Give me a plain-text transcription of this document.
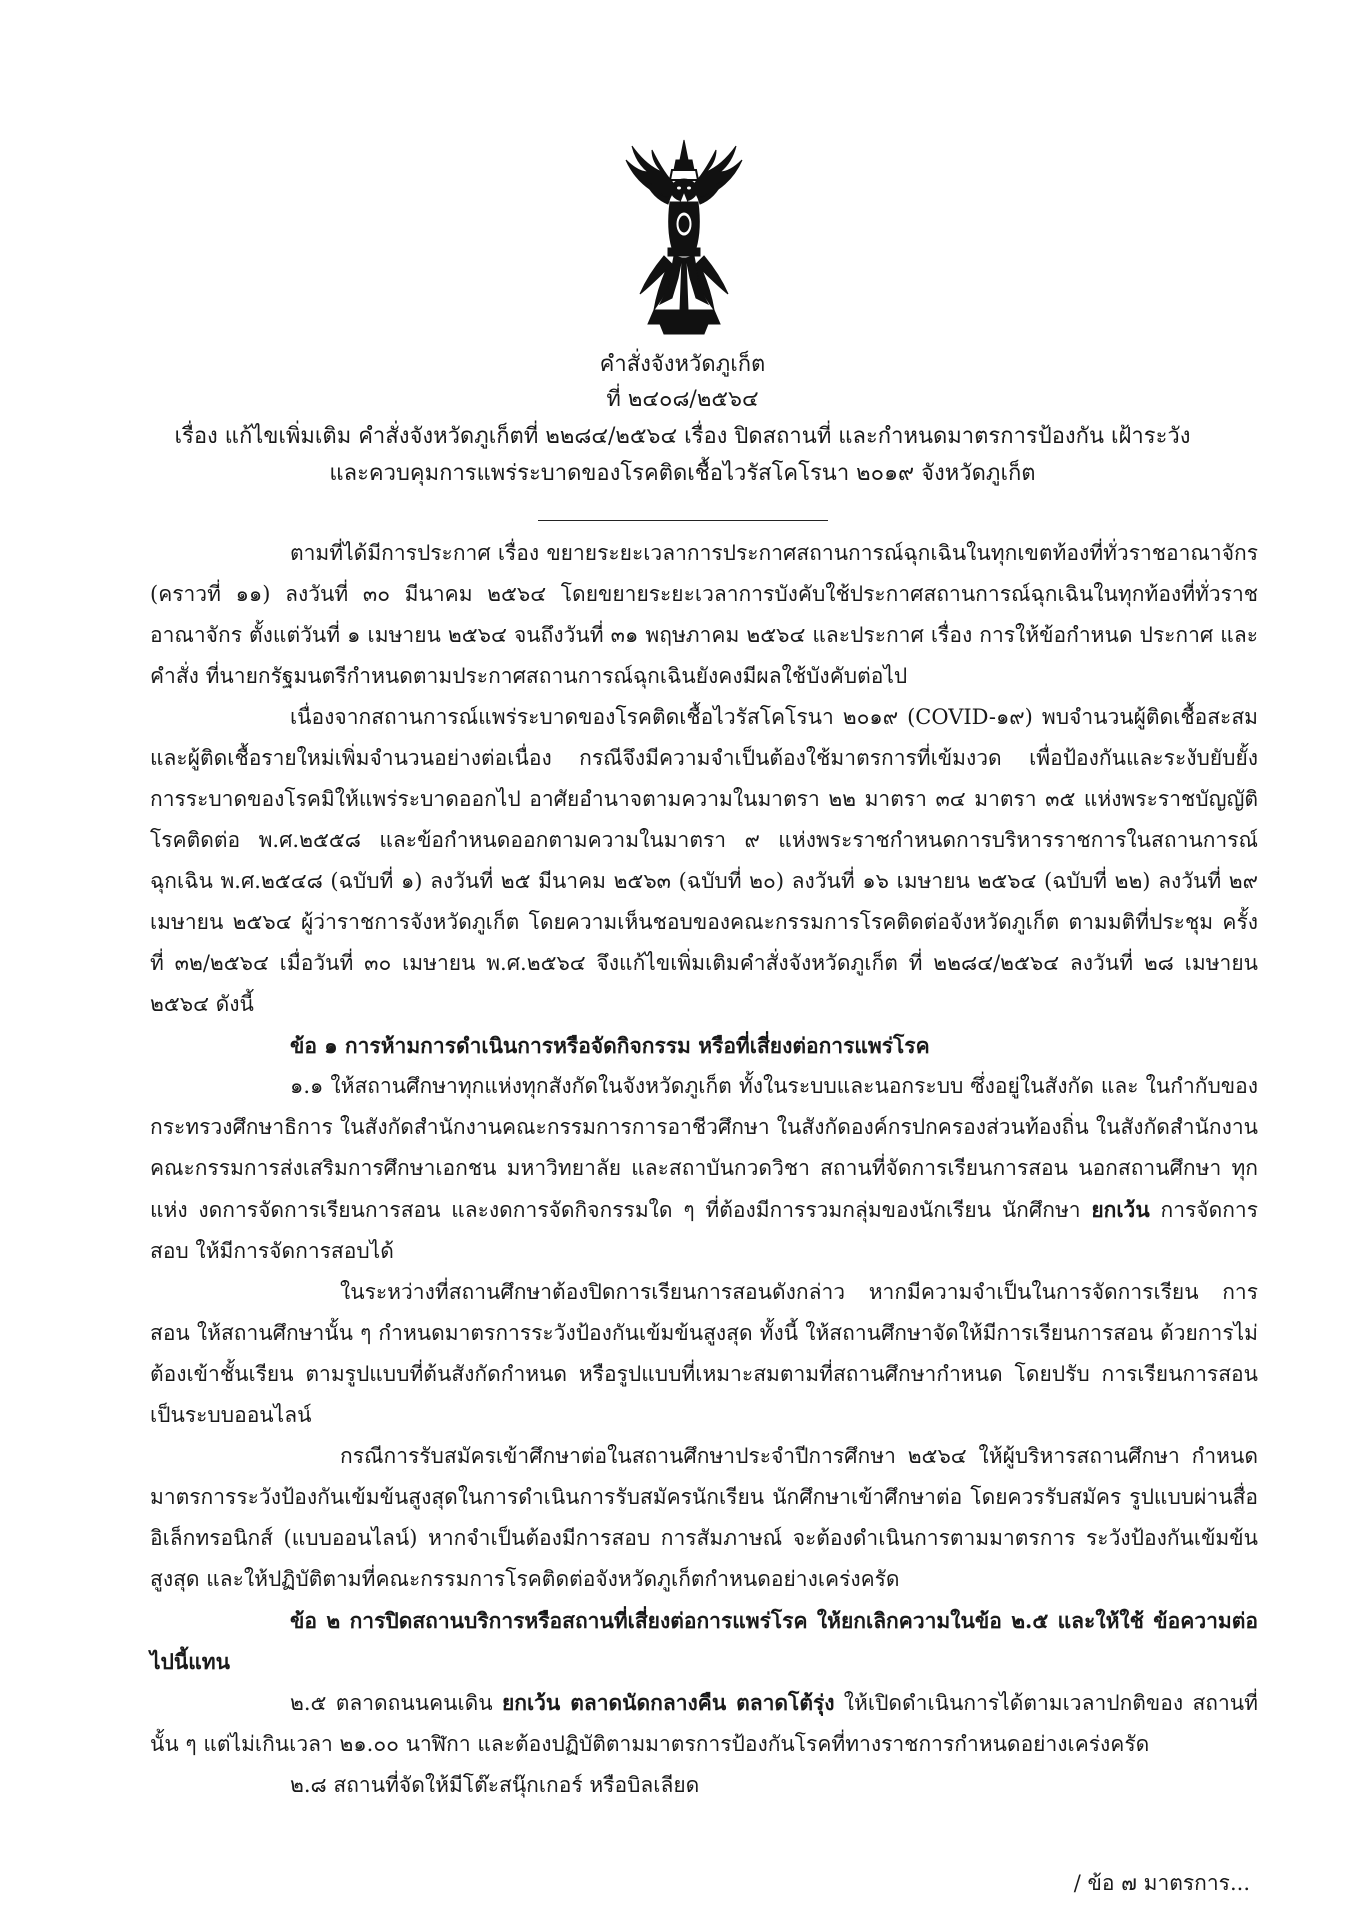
คำสั่งจังหวัดภูเก็ต
ที่ ๒๔๐๘/๒๕๖๔
เรื่อง แก้ไขเพิ่มเติม คำสั่งจังหวัดภูเก็ตที่ ๒๒๘๔/๒๕๖๔ เรื่อง ปิดสถานที่ และกำหนดมาตรการป้องกัน เฝ้าระวัง
และควบคุมการแพร่ระบาดของโรคติดเชื้อไวรัสโคโรนา ๒๐๑๙ จังหวัดภูเก็ต

ตามที่ได้มีการประกาศ เรื่อง ขยายระยะเวลาการประกาศสถานการณ์ฉุกเฉินในทุกเขตท้องที่ทั่วราชอาณาจักร (คราวที่ ๑๑) ลงวันที่ ๓๐ มีนาคม ๒๕๖๔ โดยขยายระยะเวลาการบังคับใช้ประกาศสถานการณ์ฉุกเฉินในทุกท้องที่ทั่วราชอาณาจักร ตั้งแต่วันที่ ๑ เมษายน ๒๕๖๔ จนถึงวันที่ ๓๑ พฤษภาคม ๒๕๖๔ และประกาศ เรื่อง การให้ข้อกำหนด ประกาศ และคำสั่ง ที่นายกรัฐมนตรีกำหนดตามประกาศสถานการณ์ฉุกเฉินยังคงมีผลใช้บังคับต่อไป

เนื่องจากสถานการณ์แพร่ระบาดของโรคติดเชื้อไวรัสโคโรนา ๒๐๑๙ (COVID-๑๙) พบจำนวนผู้ติดเชื้อสะสม และผู้ติดเชื้อรายใหม่เพิ่มจำนวนอย่างต่อเนื่อง กรณีจึงมีความจำเป็นต้องใช้มาตรการที่เข้มงวด เพื่อป้องกันและระงับยับยั้ง การระบาดของโรคมิให้แพร่ระบาดออกไป อาศัยอำนาจตามความในมาตรา ๒๒ มาตรา ๓๔ มาตรา ๓๕ แห่งพระราชบัญญัติ โรคติดต่อ พ.ศ.๒๕๕๘ และข้อกำหนดออกตามความในมาตรา ๙ แห่งพระราชกำหนดการบริหารราชการในสถานการณ์ ฉุกเฉิน พ.ศ.๒๕๔๘ (ฉบับที่ ๑) ลงวันที่ ๒๕ มีนาคม ๒๕๖๓ (ฉบับที่ ๒๐) ลงวันที่ ๑๖ เมษายน ๒๕๖๔ (ฉบับที่ ๒๒) ลงวันที่ ๒๙ เมษายน ๒๕๖๔ ผู้ว่าราชการจังหวัดภูเก็ต โดยความเห็นชอบของคณะกรรมการโรคติดต่อจังหวัดภูเก็ต ตามมติที่ประชุม ครั้งที่ ๓๒/๒๕๖๔ เมื่อวันที่ ๓๐ เมษายน พ.ศ.๒๕๖๔ จึงแก้ไขเพิ่มเติมคำสั่งจังหวัดภูเก็ต ที่ ๒๒๘๔/๒๕๖๔ ลงวันที่ ๒๘ เมษายน ๒๕๖๔ ดังนี้

ข้อ ๑ การห้ามการดำเนินการหรือจัดกิจกรรม หรือที่เสี่ยงต่อการแพร่โรค

๑.๑ ให้สถานศึกษาทุกแห่งทุกสังกัดในจังหวัดภูเก็ต ทั้งในระบบและนอกระบบ ซึ่งอยู่ในสังกัด และ ในกำกับของกระทรวงศึกษาธิการ ในสังกัดสำนักงานคณะกรรมการการอาชีวศึกษา ในสังกัดองค์กรปกครองส่วนท้องถิ่น ในสังกัดสำนักงานคณะกรรมการส่งเสริมการศึกษาเอกชน มหาวิทยาลัย และสถาบันกวดวิชา สถานที่จัดการเรียนการสอน นอกสถานศึกษา ทุกแห่ง งดการจัดการเรียนการสอน และงดการจัดกิจกรรมใด ๆ ที่ต้องมีการรวมกลุ่มของนักเรียน นักศึกษา ยกเว้น การจัดการสอบ ให้มีการจัดการสอบได้

ในระหว่างที่สถานศึกษาต้องปิดการเรียนการสอนดังกล่าว หากมีความจำเป็นในการจัดการเรียน การสอน ให้สถานศึกษานั้น ๆ กำหนดมาตรการระวังป้องกันเข้มข้นสูงสุด ทั้งนี้ ให้สถานศึกษาจัดให้มีการเรียนการสอน ด้วยการไม่ต้องเข้าชั้นเรียน ตามรูปแบบที่ต้นสังกัดกำหนด หรือรูปแบบที่เหมาะสมตามที่สถานศึกษากำหนด โดยปรับ การเรียนการสอนเป็นระบบออนไลน์

กรณีการรับสมัครเข้าศึกษาต่อในสถานศึกษาประจำปีการศึกษา ๒๕๖๔ ให้ผู้บริหารสถานศึกษา กำหนดมาตรการระวังป้องกันเข้มข้นสูงสุดในการดำเนินการรับสมัครนักเรียน นักศึกษาเข้าศึกษาต่อ โดยควรรับสมัคร รูปแบบผ่านสื่ออิเล็กทรอนิกส์ (แบบออนไลน์) หากจำเป็นต้องมีการสอบ การสัมภาษณ์ จะต้องดำเนินการตามมาตรการ ระวังป้องกันเข้มข้นสูงสุด และให้ปฏิบัติตามที่คณะกรรมการโรคติดต่อจังหวัดภูเก็ตกำหนดอย่างเคร่งครัด

ข้อ ๒ การปิดสถานบริการหรือสถานที่เสี่ยงต่อการแพร่โรค ให้ยกเลิกความในข้อ ๒.๕ และให้ใช้ ข้อความต่อไปนี้แทน

๒.๕ ตลาดถนนคนเดิน ยกเว้น ตลาดนัดกลางคืน ตลาดโต้รุ่ง ให้เปิดดำเนินการได้ตามเวลาปกติของ สถานที่นั้น ๆ แต่ไม่เกินเวลา ๒๑.๐๐ นาฬิกา และต้องปฏิบัติตามมาตรการป้องกันโรคที่ทางราชการกำหนดอย่างเคร่งครัด

๒.๘ สถานที่จัดให้มีโต๊ะสนุ๊กเกอร์ หรือบิลเลียด

/ ข้อ ๗ มาตรการ...
